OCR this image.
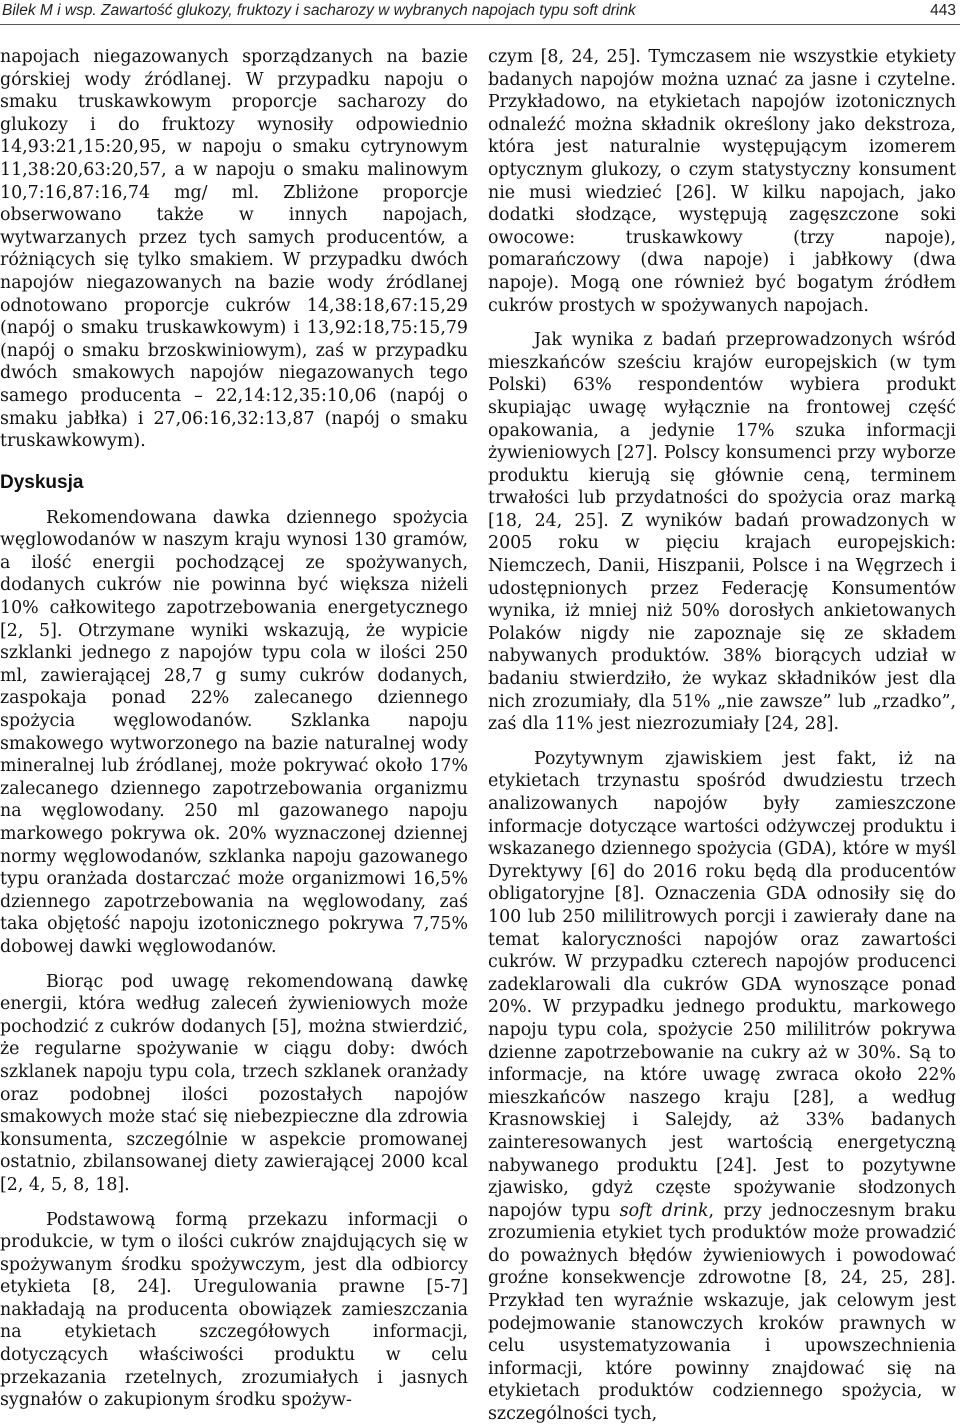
Bilek M i wsp. Zawartość glukozy, fruktozy i sacharozy w wybranych napojach typu soft drink	443

napojach niegazowanych sporządzanych na bazie górskiej wody źródlanej. W przypadku napoju o smaku truskawkowym proporcje sacharozy do glukozy i do fruktozy wynosiły odpowiednio 14,93:21,15:20,95, w napoju o smaku cytrynowym 11,38:20,63:20,57, a w napoju o smaku malinowym 10,7:16,87:16,74 mg/ ml. Zbliżone proporcje obserwowano także w innych napojach, wytwarzanych przez tych samych producentów, a różniących się tylko smakiem. W przypadku dwóch napojów niegazowanych na bazie wody źródlanej odnotowano proporcje cukrów 14,38:18,67:15,29 (napój o smaku truskawkowym) i 13,92:18,75:15,79 (napój o smaku brzoskwiniowym), zaś w przypadku dwóch smakowych napojów niegazowanych tego samego producenta – 22,14:12,35:10,06 (napój o smaku jabłka) i 27,06:16,32:13,87 (napój o smaku truskawkowym).

Dyskusja

Rekomendowana dawka dziennego spożycia węglowodanów w naszym kraju wynosi 130 gramów, a ilość energii pochodzącej ze spożywanych, dodanych cukrów nie powinna być większa niżeli 10% całkowitego zapotrzebowania energetycznego [2, 5]. Otrzymane wyniki wskazują, że wypicie szklanki jednego z napojów typu cola w ilości 250 ml, zawierającej 28,7 g sumy cukrów dodanych, zaspokaja ponad 22% zalecanego dziennego spożycia węglowodanów. Szklanka napoju smakowego wytworzonego na bazie naturalnej wody mineralnej lub źródlanej, może pokrywać około 17% zalecanego dziennego zapotrzebowania organizmu na węglowodany. 250 ml gazowanego napoju markowego pokrywa ok. 20% wyznaczonej dziennej normy węglowodanów, szklanka napoju gazowanego typu oranżada dostarczać może organizmowi 16,5% dziennego zapotrzebowania na węglowodany, zaś taka objętość napoju izotonicznego pokrywa 7,75% dobowej dawki węglowodanów.

Biorąc pod uwagę rekomendowaną dawkę energii, która według zaleceń żywieniowych może pochodzić z cukrów dodanych [5], można stwierdzić, że regularne spożywanie w ciągu doby: dwóch szklanek napoju typu cola, trzech szklanek oranżady oraz podobnej ilości pozostałych napojów smakowych może stać się niebezpieczne dla zdrowia konsumenta, szczególnie w aspekcie promowanej ostatnio, zbilansowanej diety zawierającej 2000 kcal [2, 4, 5, 8, 18].

Podstawową formą przekazu informacji o produkcie, w tym o ilości cukrów znajdujących się w spożywanym środku spożywczym, jest dla odbiorcy etykieta [8, 24]. Uregulowania prawne [5-7] nakładają na producenta obowiązek zamieszczania na etykietach szczegółowych informacji, dotyczących właściwości produktu w celu przekazania rzetelnych, zrozumiałych i jasnych sygnałów o zakupionym środku spożyw-

czym [8, 24, 25]. Tymczasem nie wszystkie etykiety badanych napojów można uznać za jasne i czytelne. Przykładowo, na etykietach napojów izotonicznych odnaleźć można składnik określony jako dekstroza, która jest naturalnie występującym izomerem optycznym glukozy, o czym statystyczny konsument nie musi wiedzieć [26]. W kilku napojach, jako dodatki słodzące, występują zagęszczone soki owocowe: truskawkowy (trzy napoje), pomarańczowy (dwa napoje) i jabłkowy (dwa napoje). Mogą one również być bogatym źródłem cukrów prostych w spożywanych napojach.

Jak wynika z badań przeprowadzonych wśród mieszkańców sześciu krajów europejskich (w tym Polski) 63% respondentów wybiera produkt skupiając uwagę wyłącznie na frontowej część opakowania, a jedynie 17% szuka informacji żywieniowych [27]. Polscy konsumenci przy wyborze produktu kierują się głównie ceną, terminem trwałości lub przydatności do spożycia oraz marką [18, 24, 25]. Z wyników badań prowadzonych w 2005 roku w pięciu krajach europejskich: Niemczech, Danii, Hiszpanii, Polsce i na Węgrzech i udostępnionych przez Federację Konsumentów wynika, iż mniej niż 50% dorosłych ankietowanych Polaków nigdy nie zapoznaje się ze składem nabywanych produktów. 38% biorących udział w badaniu stwierdziło, że wykaz składników jest dla nich zrozumiały, dla 51% „nie zawsze” lub „rzadko”, zaś dla 11% jest niezrozumiały [24, 28].

Pozytywnym zjawiskiem jest fakt, iż na etykietach trzynastu spośród dwudziestu trzech analizowanych napojów były zamieszczone informacje dotyczące wartości odżywczej produktu i wskazanego dziennego spożycia (GDA), które w myśl Dyrektywy [6] do 2016 roku będą dla producentów obligatoryjne [8]. Oznaczenia GDA odnosiły się do 100 lub 250 mililitrowych porcji i zawierały dane na temat kaloryczności napojów oraz zawartości cukrów. W przypadku czterech napojów producenci zadeklarowali dla cukrów GDA wynoszące ponad 20%. W przypadku jednego produktu, markowego napoju typu cola, spożycie 250 mililitrów pokrywa dzienne zapotrzebowanie na cukry aż w 30%. Są to informacje, na które uwagę zwraca około 22% mieszkańców naszego kraju [28], a według Krasnowskiej i Salejdy, aż 33% badanych zainteresowanych jest wartością energetyczną nabywanego produktu [24]. Jest to pozytywne zjawisko, gdyż częste spożywanie słodzonych napojów typu soft drink, przy jednoczesnym braku zrozumienia etykiet tych produktów może prowadzić do poważnych błędów żywieniowych i powodować groźne konsekwencje zdrowotne [8, 24, 25, 28]. Przykład ten wyraźnie wskazuje, jak celowym jest podejmowanie stanowczych kroków prawnych w celu usystematyzowania i upowszechnienia informacji, które powinny znajdować się na etykietach produktów codziennego spożycia, w szczególności tych,
